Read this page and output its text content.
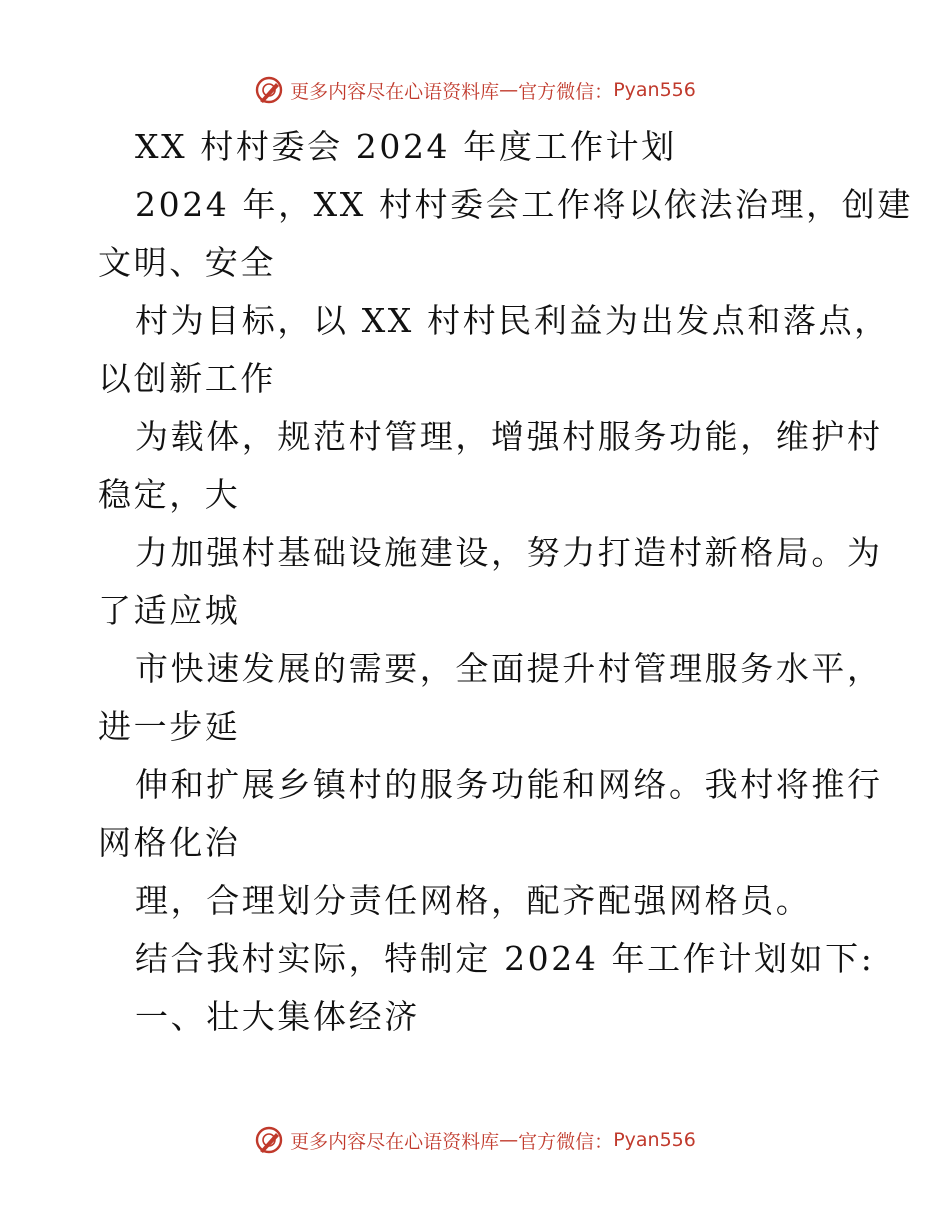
更多内容尽在心语资料库 — 官方微信： Pyan556
XX 村村委会 2024 年度工作计划
2024 年，XX 村村委会工作将以依法治理，创建
文明、安全
村为目标，以 XX 村村民利益为出发点和落点，
以创新工作
为载体，规范村管理，增强村服务功能，维护村
稳定，大
力加强村基础设施建设，努力打造村新格局。为
了适应城
市快速发展的需要，全面提升村管理服务水平，
进一步延
伸和扩展乡镇村的服务功能和网络。我村将推行
网格化治
理，合理划分责任网格，配齐配强网格员。
结合我村实际，特制定 2024 年工作计划如下:
一、壮大集体经济
更多内容尽在心语资料库 — 官方微信： Pyan556
